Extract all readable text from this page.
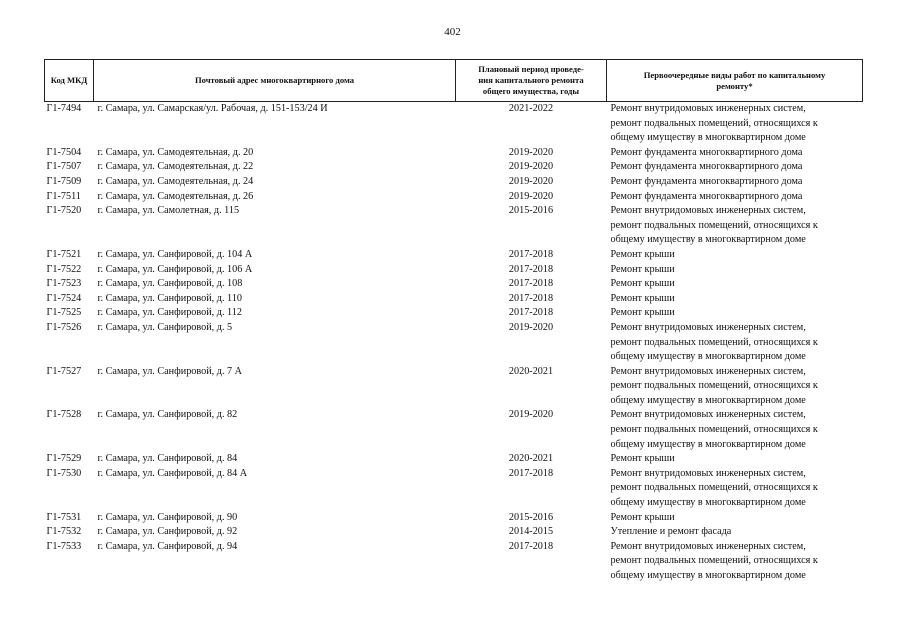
402
Код МКД	Почтовый адрес многоквартирного дома	Плановый период проведе-
ния капитального ремонта
общего имущества, годы	Первоочередные виды работ по капитальному
ремонту*

Г1-7494	г. Самара, ул. Самарская/ул. Рабочая, д. 151-153/24 И	2021-2022	Ремонт внутридомовых инженерных систем,
ремонт подвальных помещений, относящихся к
общему имуществу в многоквартирном доме

Г1-7504	г. Самара, ул. Самодеятельная, д. 20	2019-2020	Ремонт фундамента многоквартирного дома

Г1-7507	г. Самара, ул. Самодеятельная, д. 22	2019-2020	Ремонт фундамента многоквартирного дома

Г1-7509	г. Самара, ул. Самодеятельная, д. 24	2019-2020	Ремонт фундамента многоквартирного дома

Г1-7511	г. Самара, ул. Самодеятельная, д. 26	2019-2020	Ремонт фундамента многоквартирного дома

Г1-7520	г. Самара, ул. Самолетная, д. 115	2015-2016	Ремонт внутридомовых инженерных систем,
ремонт подвальных помещений, относящихся к
общему имуществу в многоквартирном доме

Г1-7521	г. Самара, ул. Санфировой, д. 104 А	2017-2018	Ремонт крыши

Г1-7522	г. Самара, ул. Санфировой, д. 106 А	2017-2018	Ремонт крыши

Г1-7523	г. Самара, ул. Санфировой, д. 108	2017-2018	Ремонт крыши

Г1-7524	г. Самара, ул. Санфировой, д. 110	2017-2018	Ремонт крыши

Г1-7525	г. Самара, ул. Санфировой, д. 112	2017-2018	Ремонт крыши

Г1-7526	г. Самара, ул. Санфировой, д. 5	2019-2020	Ремонт внутридомовых инженерных систем,
ремонт подвальных помещений, относящихся к
общему имуществу в многоквартирном доме

Г1-7527	г. Самара, ул. Санфировой, д. 7 А	2020-2021	Ремонт внутридомовых инженерных систем,
ремонт подвальных помещений, относящихся к
общему имуществу в многоквартирном доме

Г1-7528	г. Самара, ул. Санфировой, д. 82	2019-2020	Ремонт внутридомовых инженерных систем,
ремонт подвальных помещений, относящихся к
общему имуществу в многоквартирном доме

Г1-7529	г. Самара, ул. Санфировой, д. 84	2020-2021	Ремонт крыши

Г1-7530	г. Самара, ул. Санфировой, д. 84 А	2017-2018	Ремонт внутридомовых инженерных систем,
ремонт подвальных помещений, относящихся к
общему имуществу в многоквартирном доме

Г1-7531	г. Самара, ул. Санфировой, д. 90	2015-2016	Ремонт крыши

Г1-7532	г. Самара, ул. Санфировой, д. 92	2014-2015	Утепление и ремонт фасада

Г1-7533	г. Самара, ул. Санфировой, д. 94	2017-2018	Ремонт внутридомовых инженерных систем,
ремонт подвальных помещений, относящихся к
общему имуществу в многоквартирном доме
